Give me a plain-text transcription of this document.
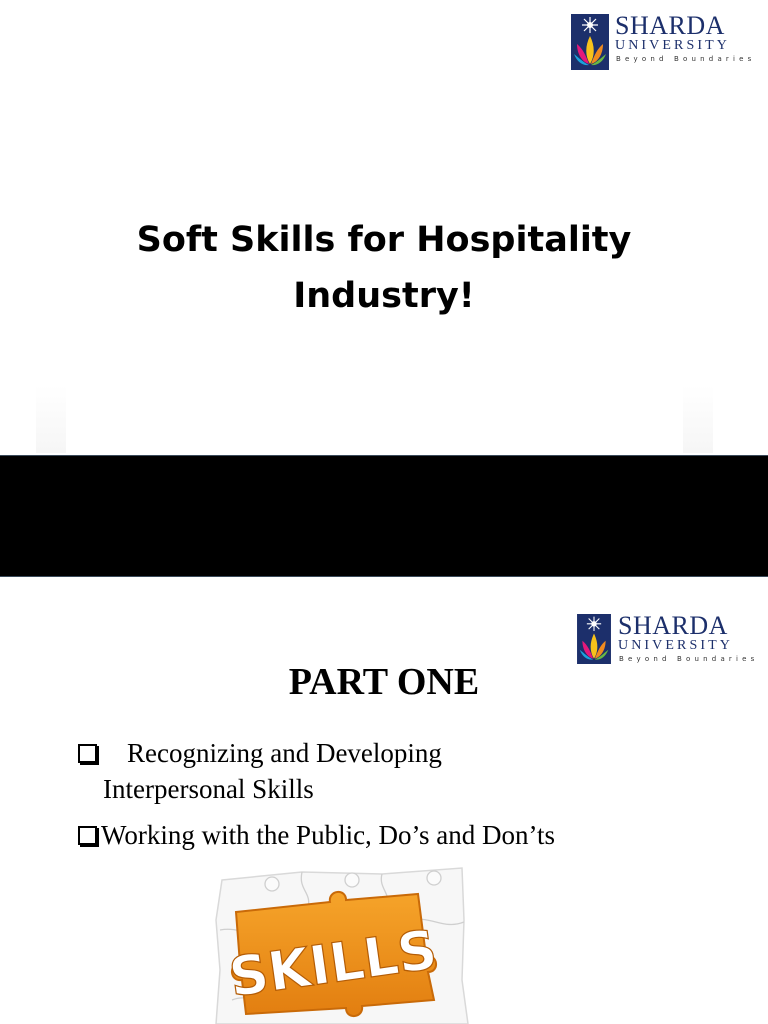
SHARDA
UNIVERSITY
Beyond Boundaries
Soft Skills for Hospitality
Industry!
SHARDA
UNIVERSITY
Beyond Boundaries
PART ONE
Recognizing and Developing
Interpersonal Skills
Working with the Public, Do’s and Don’ts
SKILLS
